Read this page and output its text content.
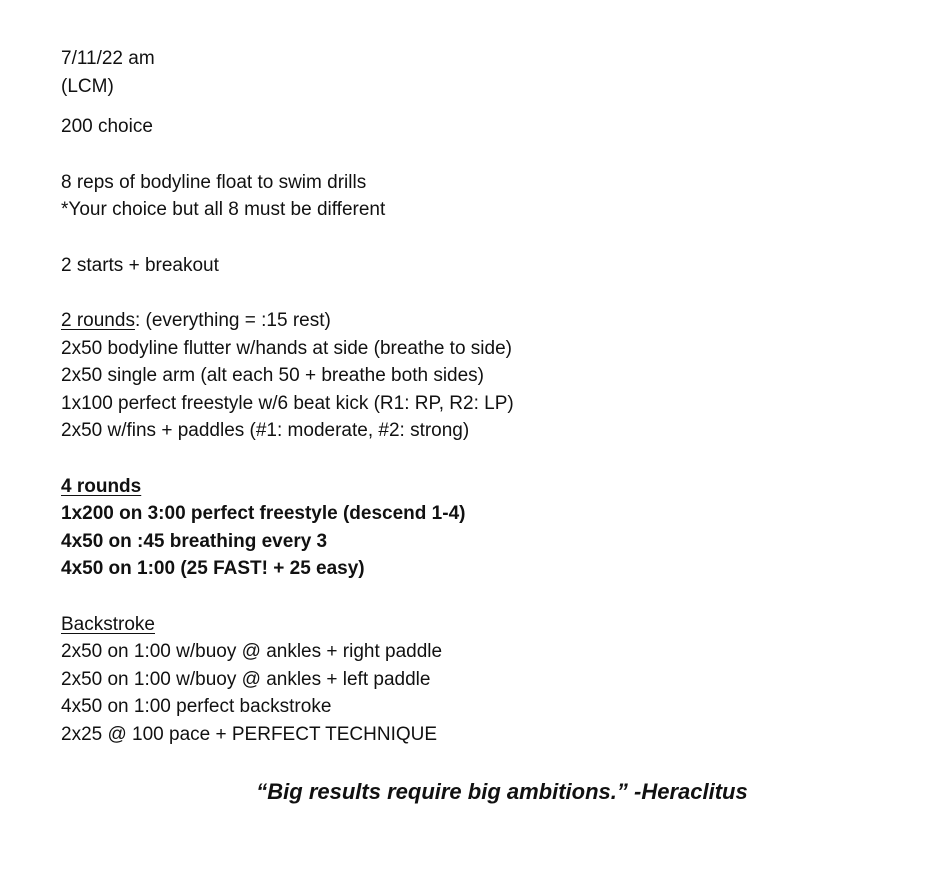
7/11/22 am
(LCM)
200 choice
8 reps of bodyline float to swim drills
*Your choice but all 8 must be different
2 starts + breakout
2 rounds: (everything = :15 rest)
2x50 bodyline flutter w/hands at side (breathe to side)
2x50 single arm (alt each 50 + breathe both sides)
1x100 perfect freestyle w/6 beat kick (R1: RP, R2: LP)
2x50 w/fins + paddles (#1: moderate, #2: strong)
4 rounds
1x200 on 3:00 perfect freestyle (descend 1-4)
4x50 on :45 breathing every 3
4x50 on 1:00 (25 FAST! + 25 easy)
Backstroke
2x50 on 1:00 w/buoy @ ankles + right paddle
2x50 on 1:00 w/buoy @ ankles + left paddle
4x50 on 1:00 perfect backstroke
2x25 @ 100 pace + PERFECT TECHNIQUE
“Big results require big ambitions.” -Heraclitus
